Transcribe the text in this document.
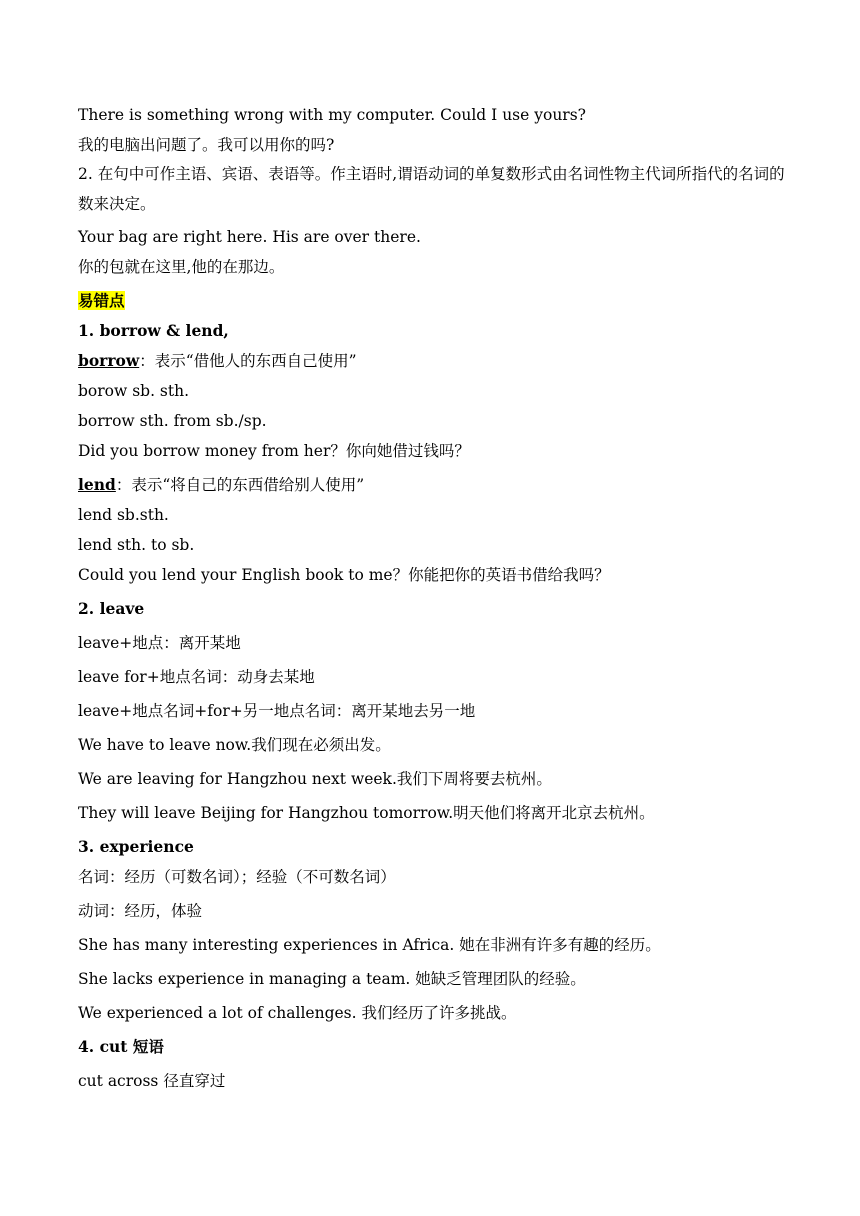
There is something wrong with my computer. Could I use yours?
我的电脑出问题了。我可以用你的吗?
2. 在句中可作主语、宾语、表语等。作主语时,谓语动词的单复数形式由名词性物主代词所指代的名词的数来决定。
Your bag are right here. His are over there.
你的包就在这里,他的在那边。
易错点
1. borrow & lend,
borrow：表示“借他人的东西自己使用”
borow sb. sth.
borrow sth. from sb./sp.
Did you borrow money from her？你向她借过钱吗？
lend：表示“将自己的东西借给别人使用”
lend sb.sth.
lend sth. to sb.
Could you lend your English book to me？你能把你的英语书借给我吗？
2. leave
leave+地点：离开某地
leave for+地点名词：动身去某地
leave+地点名词+for+另一地点名词：离开某地去另一地
We have to leave now.我们现在必须出发。
We are leaving for Hangzhou next week.我们下周将要去杭州。
They will leave Beijing for Hangzhou tomorrow.明天他们将离开北京去杭州。
3. experience
名词：经历（可数名词）；经验（不可数名词）
动词：经历，体验
She has many interesting experiences in Africa. 她在非洲有许多有趣的经历。
She lacks experience in managing a team. 她缺乏管理团队的经验。
We experienced a lot of challenges. 我们经历了许多挑战。
4. cut 短语
cut across 径直穿过
